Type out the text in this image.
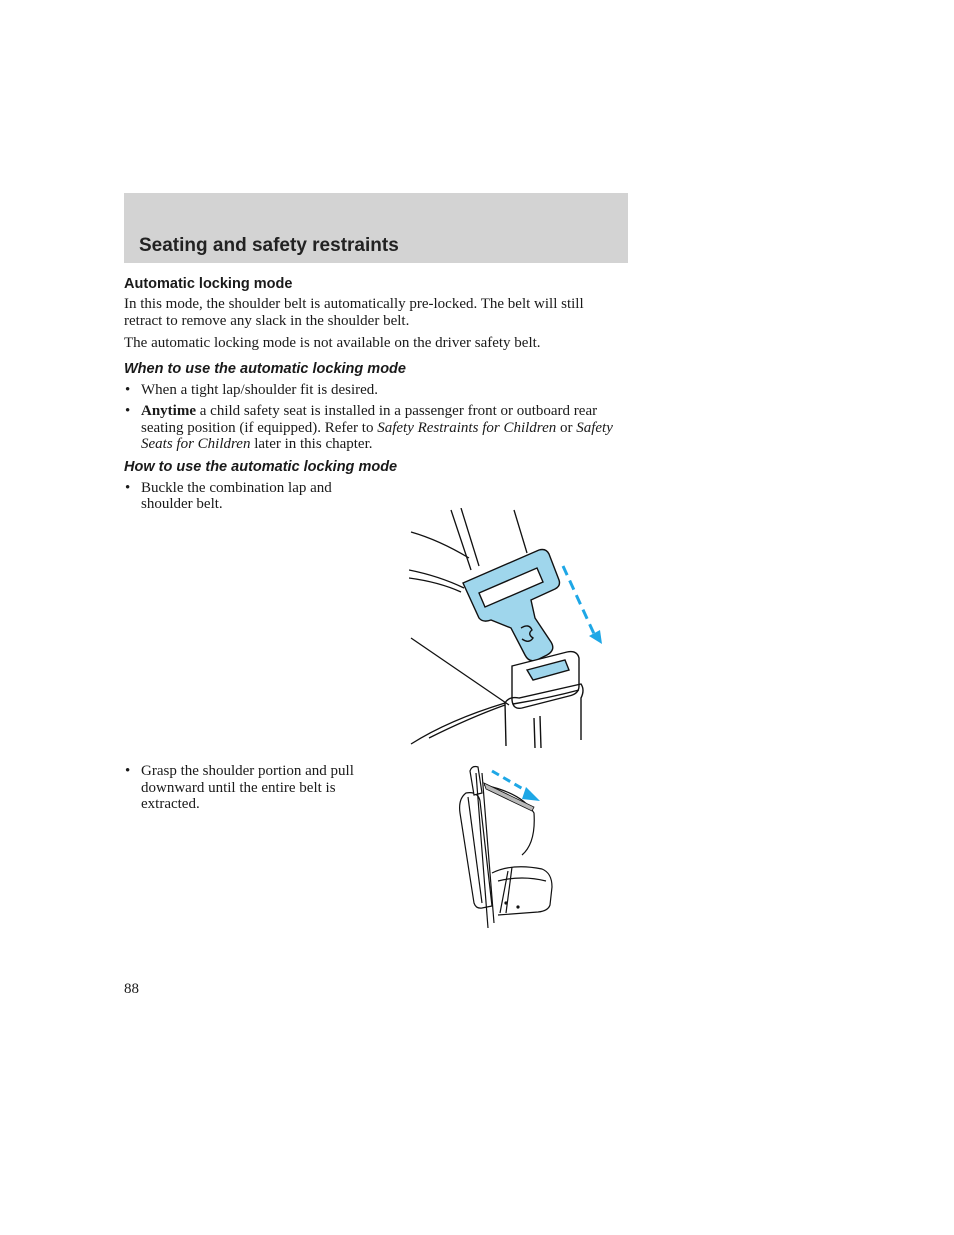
Seating and safety restraints
Automatic locking mode

In this mode, the shoulder belt is automatically pre-locked. The belt will still retract to remove any slack in the shoulder belt.

The automatic locking mode is not available on the driver safety belt.

When to use the automatic locking mode
• When a tight lap/shoulder fit is desired.
• Anytime a child safety seat is installed in a passenger front or outboard rear seating position (if equipped). Refer to Safety Restraints for Children or Safety Seats for Children later in this chapter.
How to use the automatic locking mode
• Buckle the combination lap and shoulder belt.
• Grasp the shoulder portion and pull downward until the entire belt is extracted.

88
